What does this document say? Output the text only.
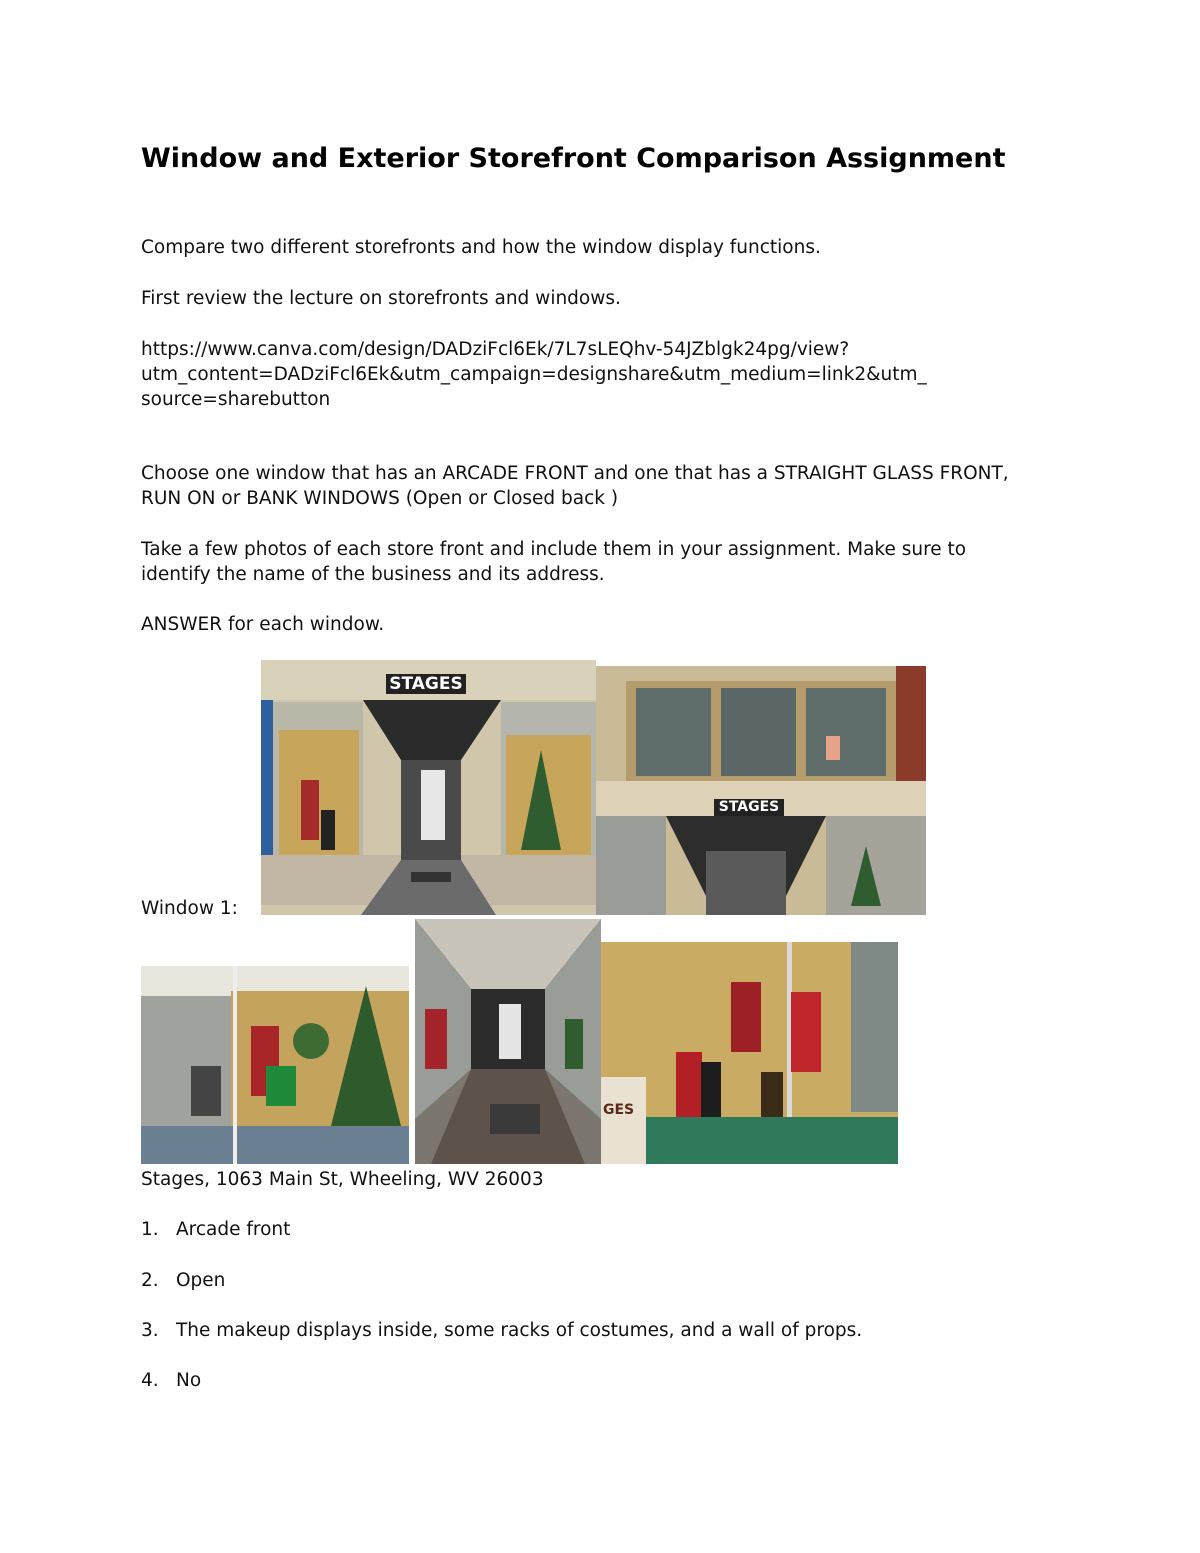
Window and Exterior Storefront Comparison Assignment

Compare two different storefronts and how the window display functions.

First review the lecture on storefronts and windows.

https://www.canva.com/design/DADziFcl6Ek/7L7sLEQhv-54JZblgk24pg/view?
utm_content=DADziFcl6Ek&utm_campaign=designshare&utm_medium=link2&utm_
source=sharebutton

Choose one window that has an ARCADE FRONT and one that has a STRAIGHT GLASS FRONT, RUN ON or BANK WINDOWS (Open or Closed back )

Take a few photos of each store front and include them in your assignment. Make sure to identify the name of the business and its address.

ANSWER for each window.

Window 1:

STAGES
STAGES
GES

Stages, 1063 Main St, Wheeling, WV 26003

1. Arcade front
2. Open
3. The makeup displays inside, some racks of costumes, and a wall of props.
4. No
